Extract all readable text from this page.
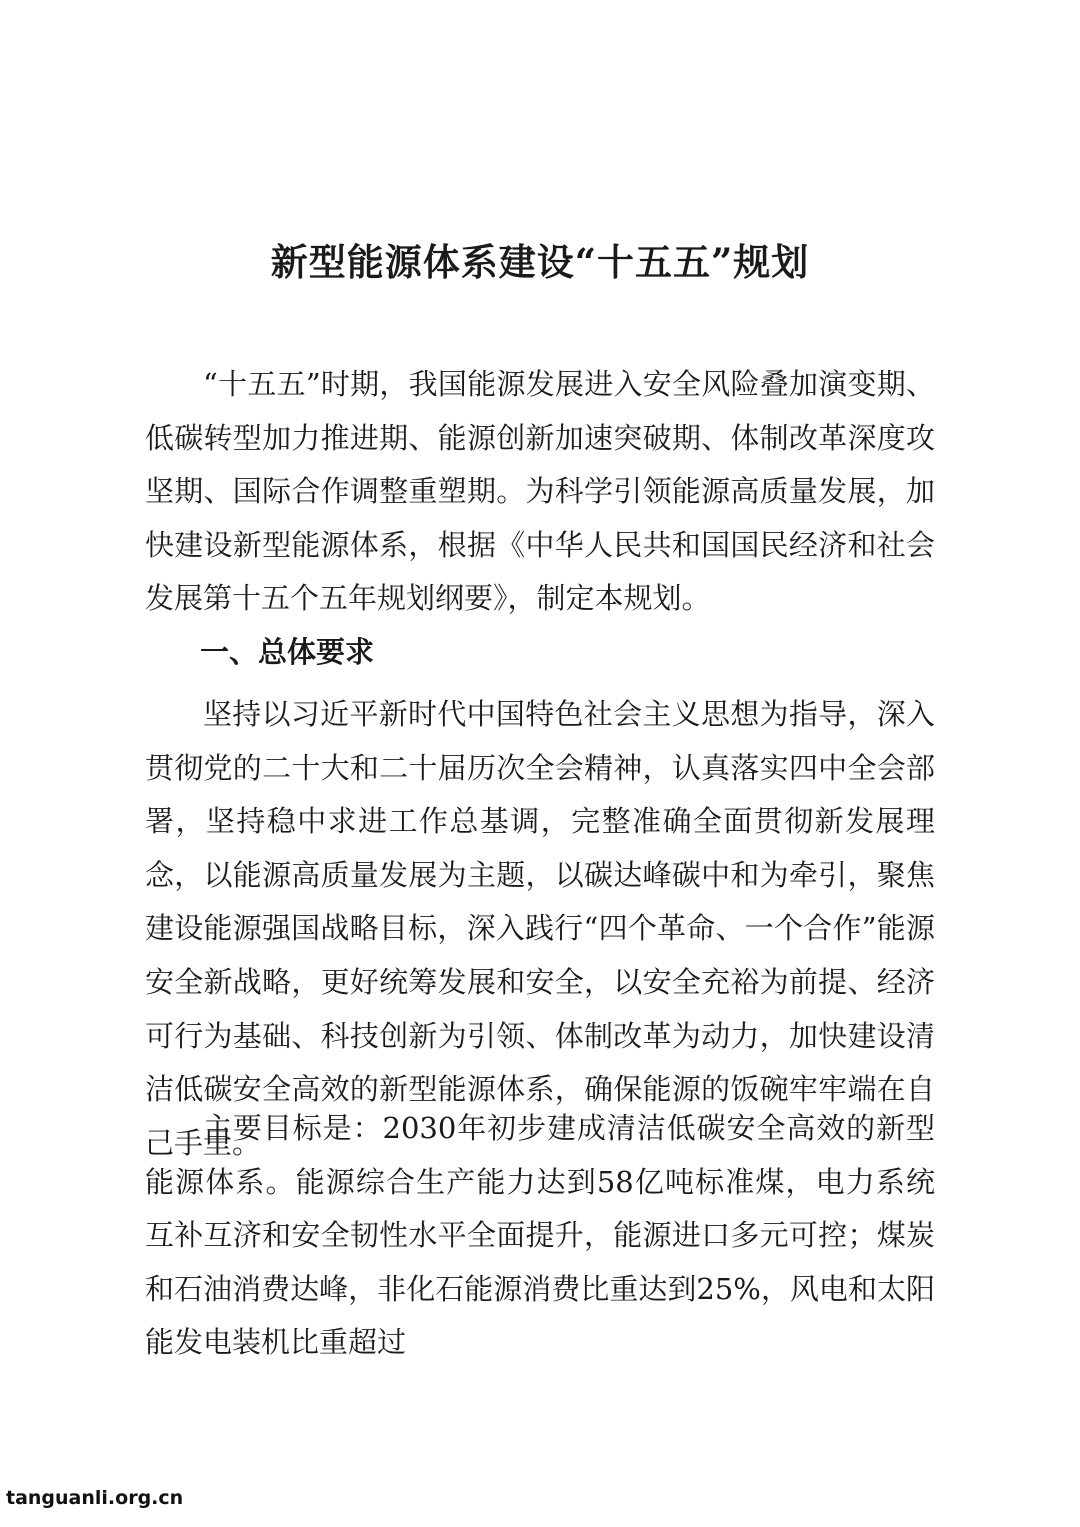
新型能源体系建设“十五五”规划

“十五五”时期，我国能源发展进入安全风险叠加演变期、低碳转型加力推进期、能源创新加速突破期、体制改革深度攻坚期、国际合作调整重塑期。为科学引领能源高质量发展，加快建设新型能源体系，根据《中华人民共和国国民经济和社会发展第十五个五年规划纲要》，制定本规划。

一、总体要求

坚持以习近平新时代中国特色社会主义思想为指导，深入贯彻党的二十大和二十届历次全会精神，认真落实四中全会部署，坚持稳中求进工作总基调，完整准确全面贯彻新发展理念，以能源高质量发展为主题，以碳达峰碳中和为牵引，聚焦建设能源强国战略目标，深入践行“四个革命、一个合作”能源安全新战略，更好统筹发展和安全，以安全充裕为前提、经济可行为基础、科技创新为引领、体制改革为动力，加快建设清洁低碳安全高效的新型能源体系，确保能源的饭碗牢牢端在自己手里。

主要目标是：2030年初步建成清洁低碳安全高效的新型能源体系。能源综合生产能力达到58亿吨标准煤，电力系统互补互济和安全韧性水平全面提升，能源进口多元可控；煤炭和石油消费达峰，非化石能源消费比重达到25%，风电和太阳能发电装机比重超过

tanguanli.org.cn
